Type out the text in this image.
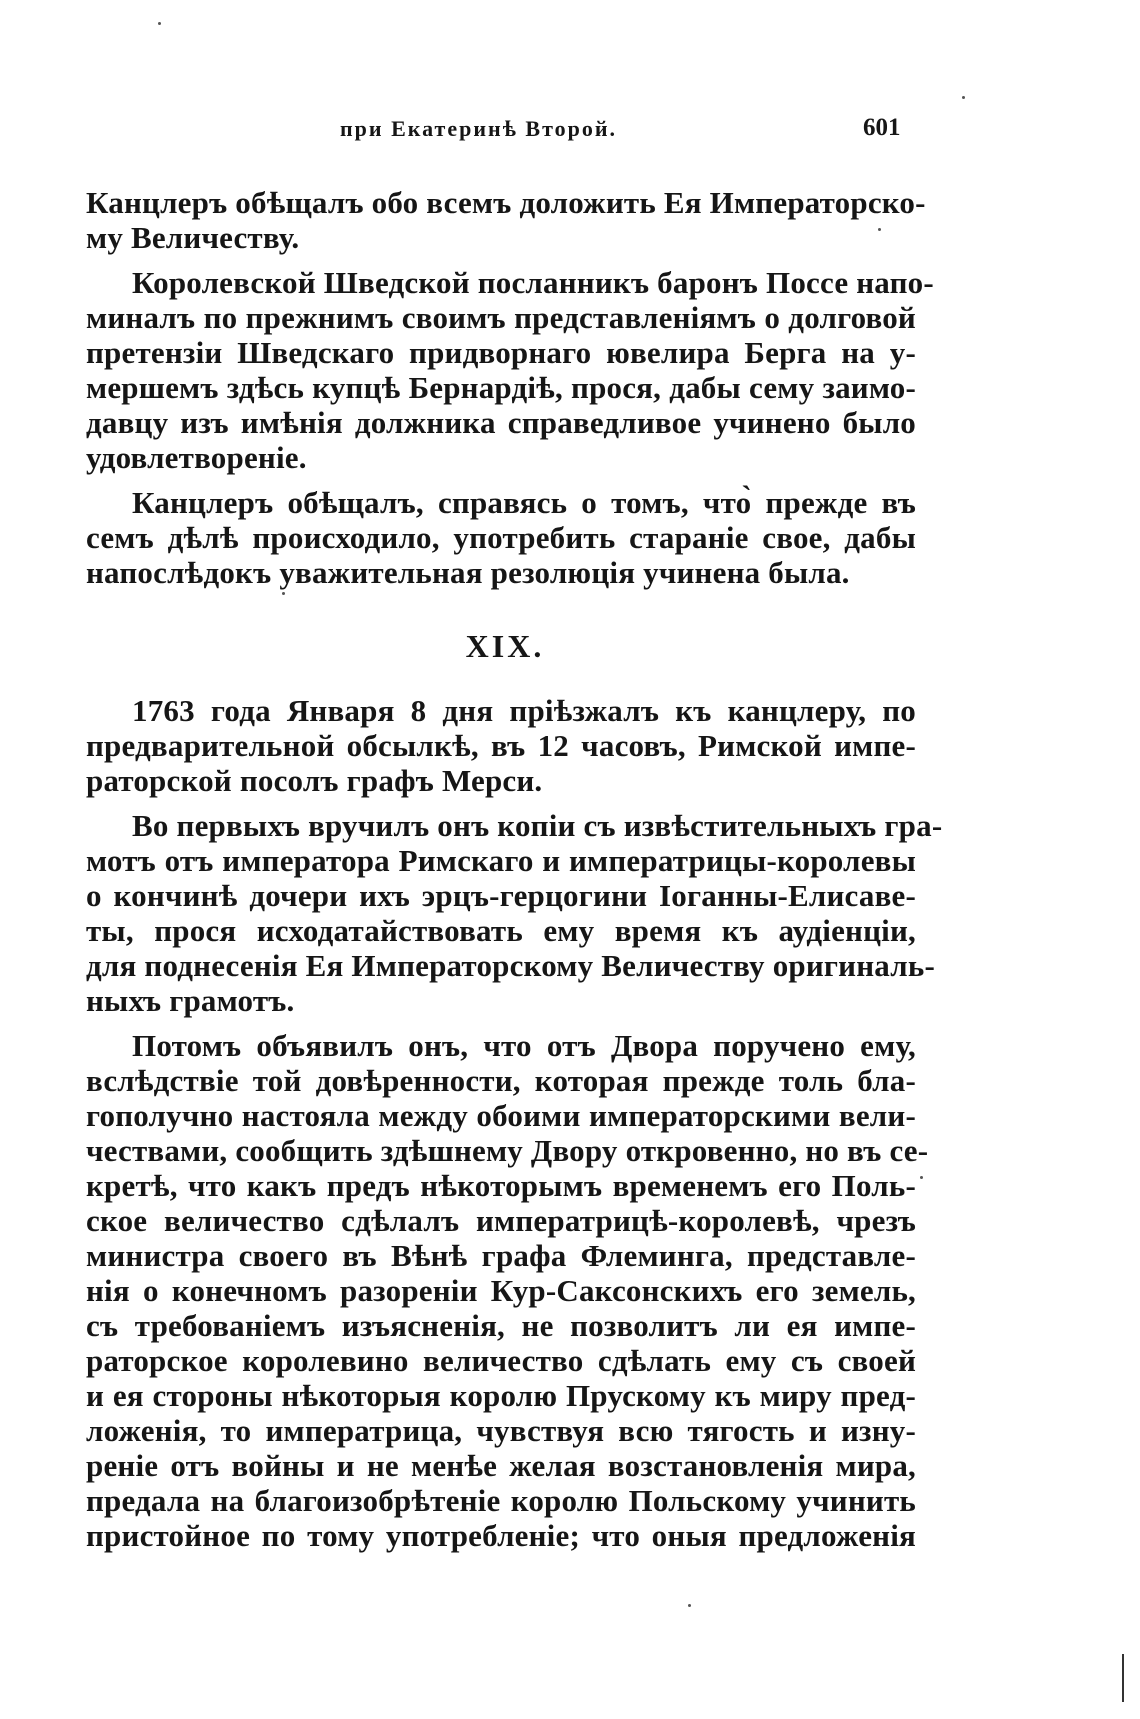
при Екатеринѣ Второй.	601
Канцлеръ обѣщалъ обо всемъ доложить Ея Императорско-
му Величеству.
Королевской Шведской посланникъ баронъ Поссе напо-
миналъ по прежнимъ своимъ представленiямъ о долговой
претензiи Шведскаго придворнаго ювелира Берга на у-
мершемъ здѣсь купцѣ Бернардiѣ, прося, дабы сему заимо-
давцу изъ имѣнiя должника справедливое учинено было
удовлетворенiе.
Канцлеръ обѣщалъ, справясь о томъ, что̀ прежде въ
семъ дѣлѣ происходило, употребить старанiе свое, дабы
напослѣдокъ уважительная резолюцiя учинена была.
XIX.
1763 года Января 8 дня прiѣзжалъ къ канцлеру, по
предварительной обсылкѣ, въ 12 часовъ, Римской импе-
раторской посолъ графъ Мерси.
Во первыхъ вручилъ онъ копiи съ извѣстительныхъ гра-
мотъ отъ императора Римскаго и императрицы-королевы
о кончинѣ дочери ихъ эрцъ-герцогини Iоганны-Елисаве-
ты, прося исходатайствовать ему время къ аудiенцiи,
для поднесенiя Ея Императорскому Величеству оригиналь-
ныхъ грамотъ.
Потомъ объявилъ онъ, что отъ Двора поручено ему,
вслѣдствiе той довѣренности, которая прежде толь бла-
гополучно настояла между обоими императорскими вели-
чествами, сообщить здѣшнему Двору откровенно, но въ се-
кретѣ, что какъ предъ нѣкоторымъ временемъ его Поль-
ское величество сдѣлалъ императрицѣ-королевѣ, чрезъ
министра своего въ Вѣнѣ графа Флеминга, представле-
нiя о конечномъ разоренiи Кур-Саксонскихъ его земель,
съ требованiемъ изъясненiя, не позволитъ ли ея импе-
раторское королевино величество сдѣлать ему съ своей
и ея стороны нѣкоторыя королю Прускому къ миру пред-
ложенiя, то императрица, чувствуя всю тягость и изну-
ренiе отъ войны и не менѣе желая возстановленiя мира,
предала на благоизобрѣтенiе королю Польскому учинить
пристойное по тому употребленiе; что оныя предложенiя
